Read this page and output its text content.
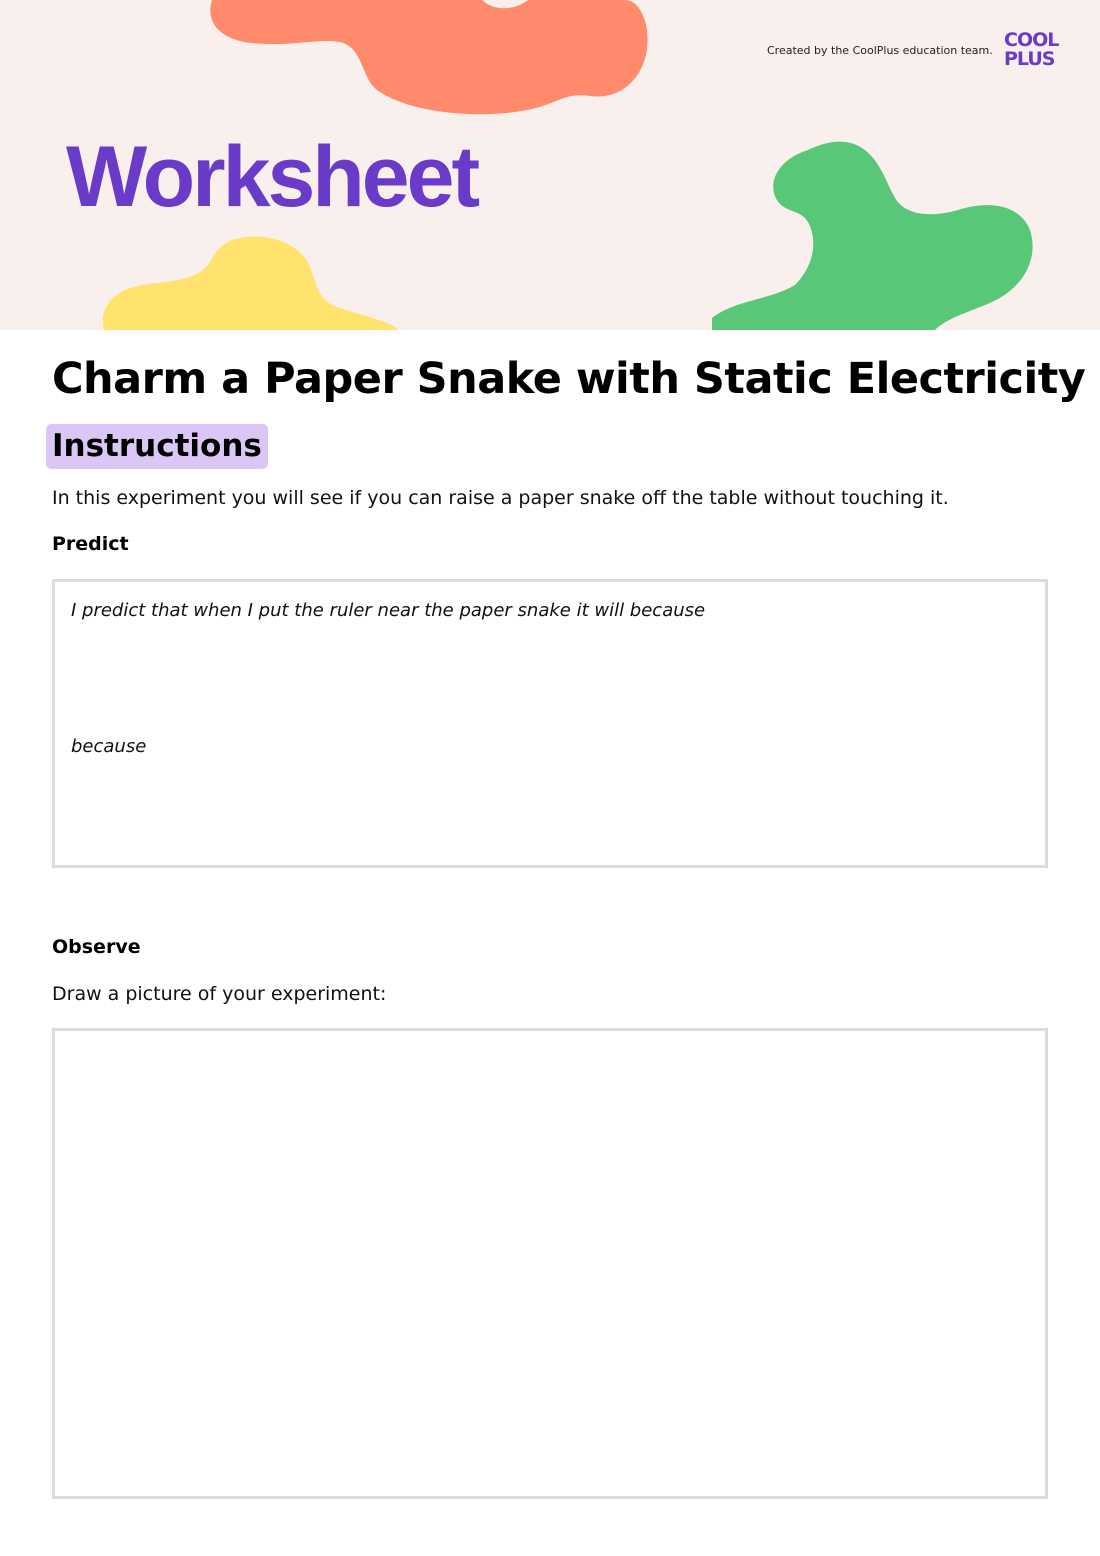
Created by the CoolPlus education team. COOL
PLUS
Worksheet
Charm a Paper Snake with Static Electricity
Instructions

In this experiment you will see if you can raise a paper snake off the table without touching it.

Predict
I predict that when I put the ruler near the paper snake it will because
because
Observe

Draw a picture of your experiment:
